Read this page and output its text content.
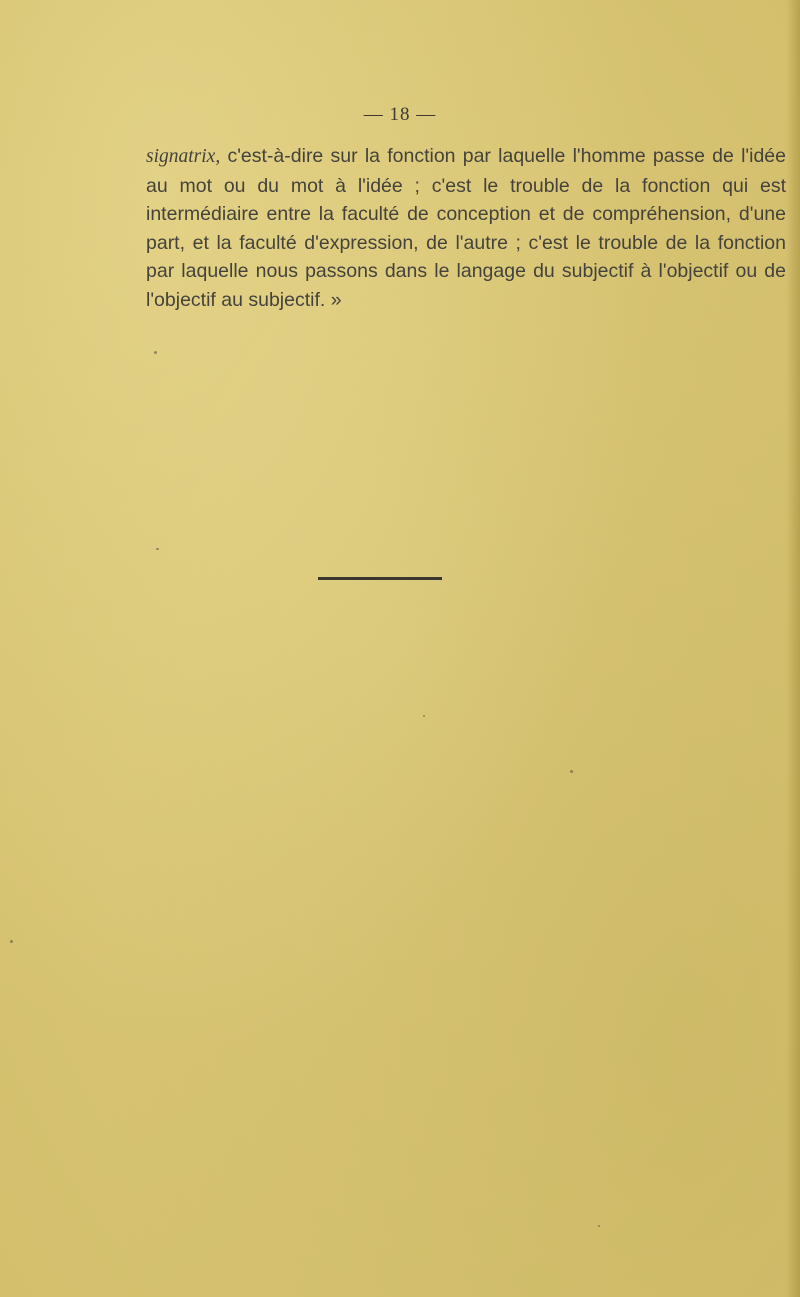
— 18 —

signatrix, c'est-à-dire sur la fonction par laquelle l'homme passe de l'idée au mot ou du mot à l'idée ; c'est le trouble de la fonction qui est intermédiaire entre la faculté de conception et de compréhension, d'une part, et la faculté d'expression, de l'autre ; c'est le trouble de la fonction par laquelle nous passons dans le langage du subjectif à l'objectif ou de l'objectif au subjectif. »
